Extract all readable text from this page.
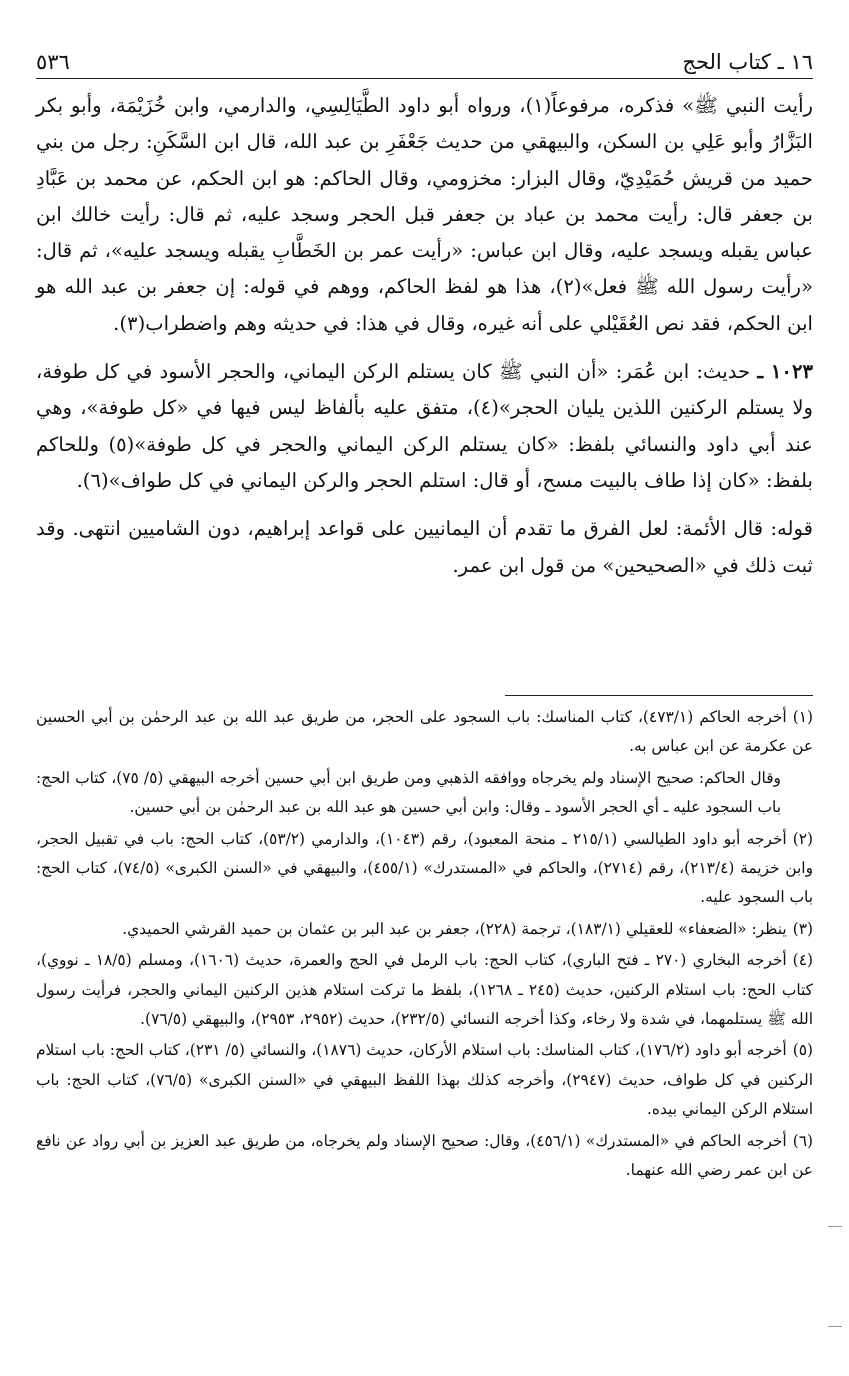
١٦ ـ كتاب الحج
٥٣٦

رأيت النبي ﷺ» فذكره، مرفوعاً(١)، ورواه أبو داود الطَّيَالِسِي، والدارمي، وابن خُزَيْمَة، وأبو بكر البَزَّارُ وأبو عَلِي بن السكن، والبيهقي من حديث جَعْفَرِ بن عبد الله، قال ابن السَّكَنِ: رجل من بني حميد من قريش حُمَيْدِيّ، وقال البزار: مخزومي، وقال الحاكم: هو ابن الحكم، عن محمد بن عَبَّادِ بن جعفر قال: رأيت محمد بن عباد بن جعفر قبل الحجر وسجد عليه، ثم قال: رأيت خالك ابن عباس يقبله ويسجد عليه، وقال ابن عباس: «رأيت عمر بن الخَطَّابِ يقبله ويسجد عليه»، ثم قال: «رأيت رسول الله ﷺ فعل»(٢)، هذا هو لفظ الحاكم، ووهم في قوله: إن جعفر بن عبد الله هو ابن الحكم، فقد نص العُقَيْلي على أنه غيره، وقال في هذا: في حديثه وهم واضطراب(٣).

١٠٢٣ ـ حديث: ابن عُمَر: «أن النبي ﷺ كان يستلم الركن اليماني، والحجر الأسود في كل طوفة، ولا يستلم الركنين اللذين يليان الحجر»(٤)، متفق عليه بألفاظ ليس فيها في «كل طوفة»، وهي عند أبي داود والنسائي بلفظ: «كان يستلم الركن اليماني والحجر في كل طوفة»(٥) وللحاكم بلفظ: «كان إذا طاف بالبيت مسح، أو قال: استلم الحجر والركن اليماني في كل طواف»(٦).

قوله: قال الأئمة: لعل الفرق ما تقدم أن اليمانيين على قواعد إبراهيم، دون الشاميين انتهى. وقد ثبت ذلك في «الصحيحين» من قول ابن عمر.

(١)أخرجه الحاكم (٤٧٣/١)، كتاب المناسك: باب السجود على الحجر، من طريق عبد الله بن عبد الرحمٰن بن أبي الحسين عن عكرمة عن ابن عباس به.

وقال الحاكم: صحيح الإسناد ولم يخرجاه ووافقه الذهبي ومن طريق ابن أبي حسين أخرجه البيهقي (٥/ ٧٥)، كتاب الحج: باب السجود عليه ـ أي الحجر الأسود ـ وقال: وابن أبي حسين هو عبد الله بن عبد الرحمٰن بن أبي حسين.

(٢)أخرجه أبو داود الطيالسي (٢١٥/١ ـ منحة المعبود)، رقم (١٠٤٣)، والدارمي (٥٣/٢)، كتاب الحج: باب في تقبيل الحجر، وابن خزيمة (٢١٣/٤)، رقم (٢٧١٤)، والحاكم في «المستدرك» (٤٥٥/١)، والبيهقي في «السنن الكبرى» (٧٤/٥)، كتاب الحج: باب السجود عليه.

(٣)ينظر: «الضعفاء» للعقيلي (١٨٣/١)، ترجمة (٢٢٨)، جعفر بن عبد البر بن عثمان بن حميد القرشي الحميدي.

(٤)أخرجه البخاري (٢٧٠ ـ فتح الباري)، كتاب الحج: باب الرمل في الحج والعمرة، حديث (١٦٠٦)، ومسلم (١٨/٥ ـ نووي)، كتاب الحج: باب استلام الركنين، حديث (٢٤٥ ـ ١٢٦٨)، بلفظ ما تركت استلام هذين الركنين اليماني والحجر، فرأيت رسول الله ﷺ يستلمهما، في شدة ولا رخاء، وكذا أخرجه النسائي (٢٣٢/٥)، حديث (٢٩٥٢، ٢٩٥٣)، والبيهقي (٧٦/٥).

(٥)أخرجه أبو داود (١٧٦/٢)، كتاب المناسك: باب استلام الأركان، حديث (١٨٧٦)، والنسائي (٥/ ٢٣١)، كتاب الحج: باب استلام الركنين في كل طواف، حديث (٢٩٤٧)، وأخرجه كذلك بهذا اللفظ البيهقي في «السنن الكبرى» (٧٦/٥)، كتاب الحج: باب استلام الركن اليماني بيده.

(٦)أخرجه الحاكم في «المستدرك» (٤٥٦/١)، وقال: صحيح الإسناد ولم يخرجاه، من طريق عبد العزيز بن أبي رواد عن نافع عن ابن عمر رضي الله عنهما.
